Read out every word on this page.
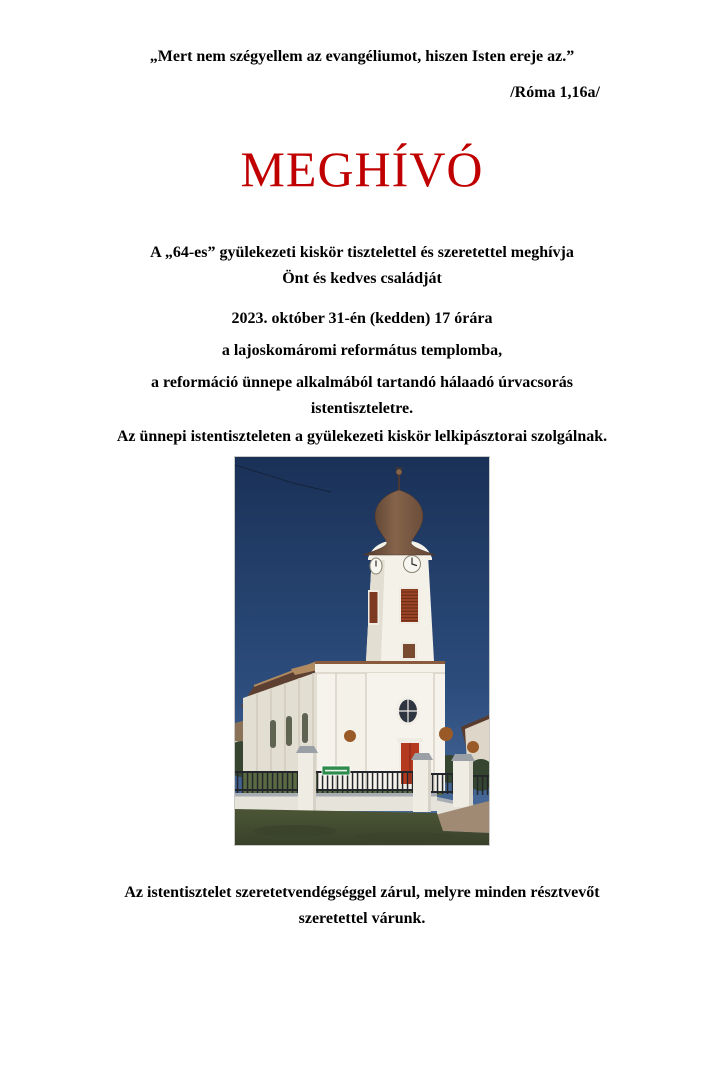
„Mert nem szégyellem az evangéliumot, hiszen Isten ereje az.”
/Róma 1,16a/
MEGHÍVÓ
A „64-es” gyülekezeti kiskör tisztelettel és szeretettel meghívja
Önt és kedves családját
2023. október 31-én (kedden) 17 órára
a lajoskomáromi református templomba,
a reformáció ünnepe alkalmából tartandó hálaadó úrvacsorás
istentiszteletre.
Az ünnepi istentiszteleten a gyülekezeti kiskör lelkipásztorai szolgálnak.
Az istentisztelet szeretetvendégséggel zárul, melyre minden résztvevőt
szeretettel várunk.
